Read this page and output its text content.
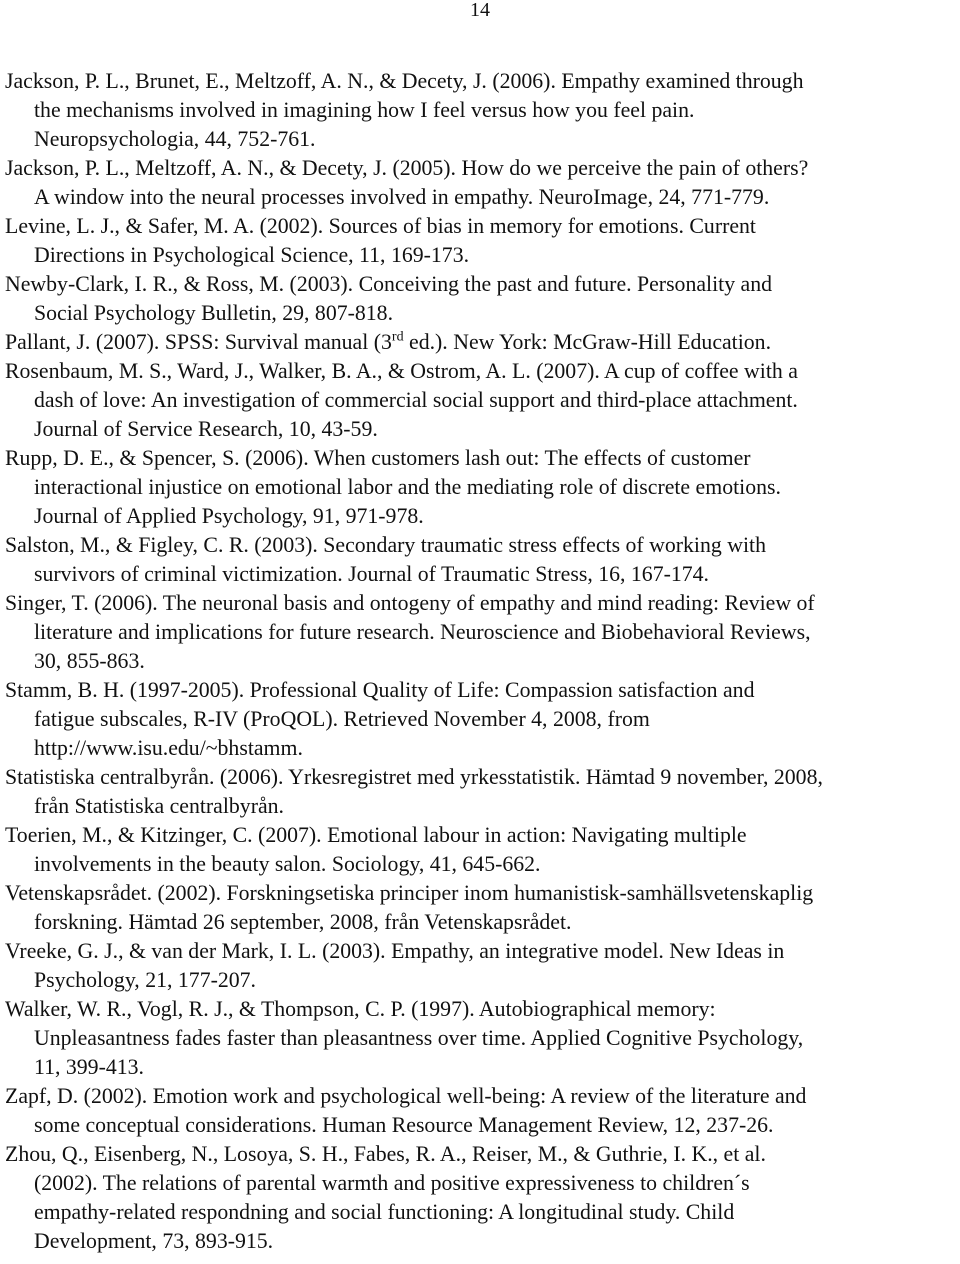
14
Jackson, P. L., Brunet, E., Meltzoff, A. N., & Decety, J. (2006). Empathy examined through
the mechanisms involved in imagining how I feel versus how you feel pain.
Neuropsychologia, 44, 752-761.
Jackson, P. L., Meltzoff, A. N., & Decety, J. (2005). How do we perceive the pain of others?
A window into the neural processes involved in empathy. NeuroImage, 24, 771-779.
Levine, L. J., & Safer, M. A. (2002). Sources of bias in memory for emotions. Current
Directions in Psychological Science, 11, 169-173.
Newby-Clark, I. R., & Ross, M. (2003). Conceiving the past and future. Personality and
Social Psychology Bulletin, 29, 807-818.
Pallant, J. (2007). SPSS: Survival manual (3rd ed.). New York: McGraw-Hill Education.
Rosenbaum, M. S., Ward, J., Walker, B. A., & Ostrom, A. L. (2007). A cup of coffee with a
dash of love: An investigation of commercial social support and third-place attachment.
Journal of Service Research, 10, 43-59.
Rupp, D. E., & Spencer, S. (2006). When customers lash out: The effects of customer
interactional injustice on emotional labor and the mediating role of discrete emotions.
Journal of Applied Psychology, 91, 971-978.
Salston, M., & Figley, C. R. (2003). Secondary traumatic stress effects of working with
survivors of criminal victimization. Journal of Traumatic Stress, 16, 167-174.
Singer, T. (2006). The neuronal basis and ontogeny of empathy and mind reading: Review of
literature and implications for future research. Neuroscience and Biobehavioral Reviews,
30, 855-863.
Stamm, B. H. (1997-2005). Professional Quality of Life: Compassion satisfaction and
fatigue subscales, R-IV (ProQOL). Retrieved November 4, 2008, from
http://www.isu.edu/~bhstamm.
Statistiska centralbyrån. (2006). Yrkesregistret med yrkesstatistik. Hämtad 9 november, 2008,
från Statistiska centralbyrån.
Toerien, M., & Kitzinger, C. (2007). Emotional labour in action: Navigating multiple
involvements in the beauty salon. Sociology, 41, 645-662.
Vetenskapsrådet. (2002). Forskningsetiska principer inom humanistisk-samhällsvetenskaplig
forskning. Hämtad 26 september, 2008, från Vetenskapsrådet.
Vreeke, G. J., & van der Mark, I. L. (2003). Empathy, an integrative model. New Ideas in
Psychology, 21, 177-207.
Walker, W. R., Vogl, R. J., & Thompson, C. P. (1997). Autobiographical memory:
Unpleasantness fades faster than pleasantness over time. Applied Cognitive Psychology,
11, 399-413.
Zapf, D. (2002). Emotion work and psychological well-being: A review of the literature and
some conceptual considerations. Human Resource Management Review, 12, 237-26.
Zhou, Q., Eisenberg, N., Losoya, S. H., Fabes, R. A., Reiser, M., & Guthrie, I. K., et al.
(2002). The relations of parental warmth and positive expressiveness to children´s
empathy-related respondning and social functioning: A longitudinal study. Child
Development, 73, 893-915.
